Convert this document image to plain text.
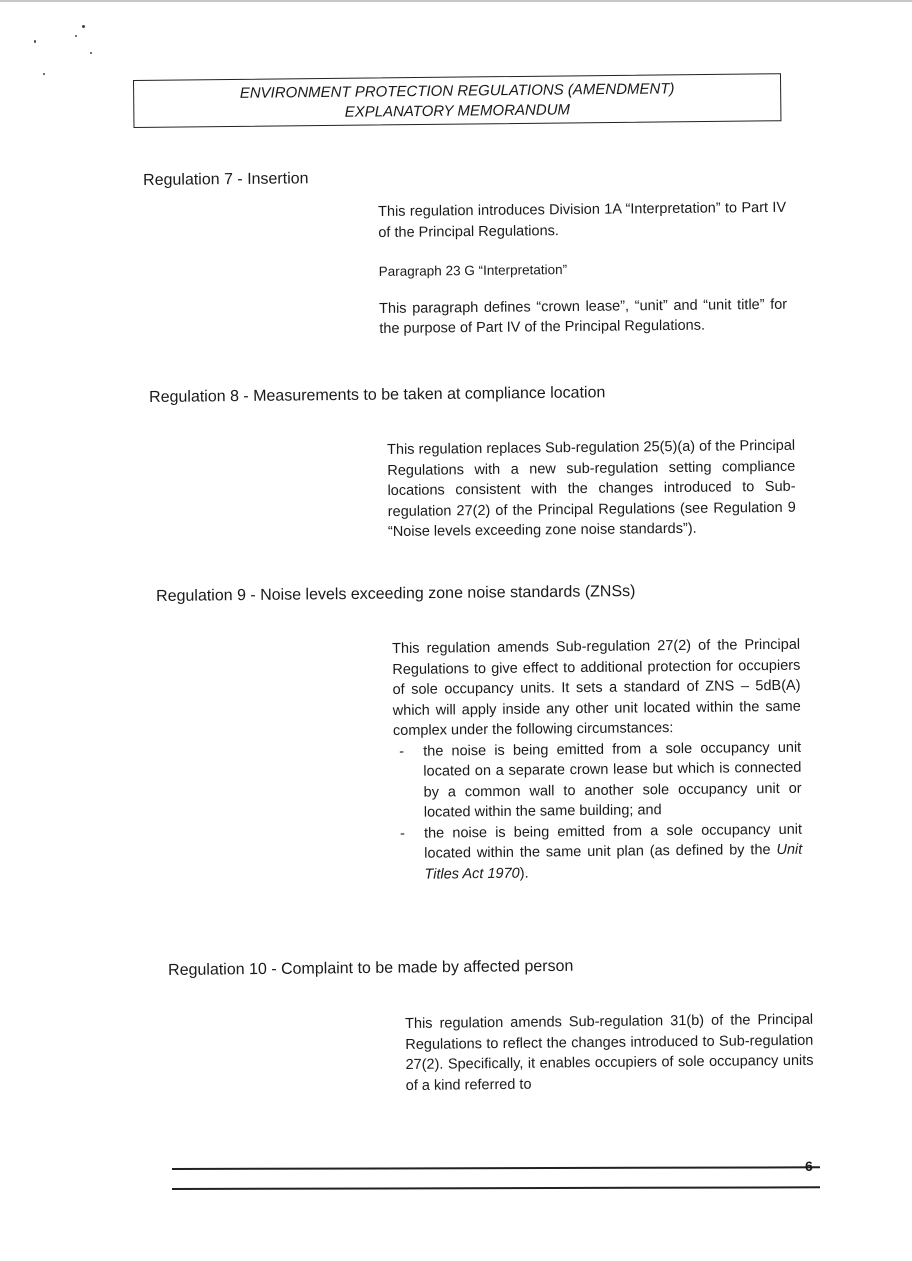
ENVIRONMENT PROTECTION REGULATIONS (AMENDMENT)
EXPLANATORY MEMORANDUM
Regulation 7 - Insertion

This regulation introduces Division 1A “Interpretation” to Part IV of the Principal Regulations.

Paragraph 23 G “Interpretation”

This paragraph defines “crown lease”, “unit” and “unit title” for the purpose of Part IV of the Principal Regulations.

Regulation 8 - Measurements to be taken at compliance location

This regulation replaces Sub-regulation 25(5)(a) of the Principal Regulations with a new sub-regulation setting compliance locations consistent with the changes introduced to Sub-regulation 27(2) of the Principal Regulations (see Regulation 9 “Noise levels exceeding zone noise standards”).

Regulation 9 - Noise levels exceeding zone noise standards (ZNSs)

This regulation amends Sub-regulation 27(2) of the Principal Regulations to give effect to additional protection for occupiers of sole occupancy units. It sets a standard of ZNS – 5dB(A) which will apply inside any other unit located within the same complex under the following circumstances:

- the noise is being emitted from a sole occupancy unit located on a separate crown lease but which is connected by a common wall to another sole occupancy unit or located within the same building; and
- the noise is being emitted from a sole occupancy unit located within the same unit plan (as defined by the Unit Titles Act 1970).
Regulation 10 - Complaint to be made by affected person

This regulation amends Sub-regulation 31(b) of the Principal Regulations to reflect the changes introduced to Sub-regulation 27(2). Specifically, it enables occupiers of sole occupancy units of a kind referred to

6
